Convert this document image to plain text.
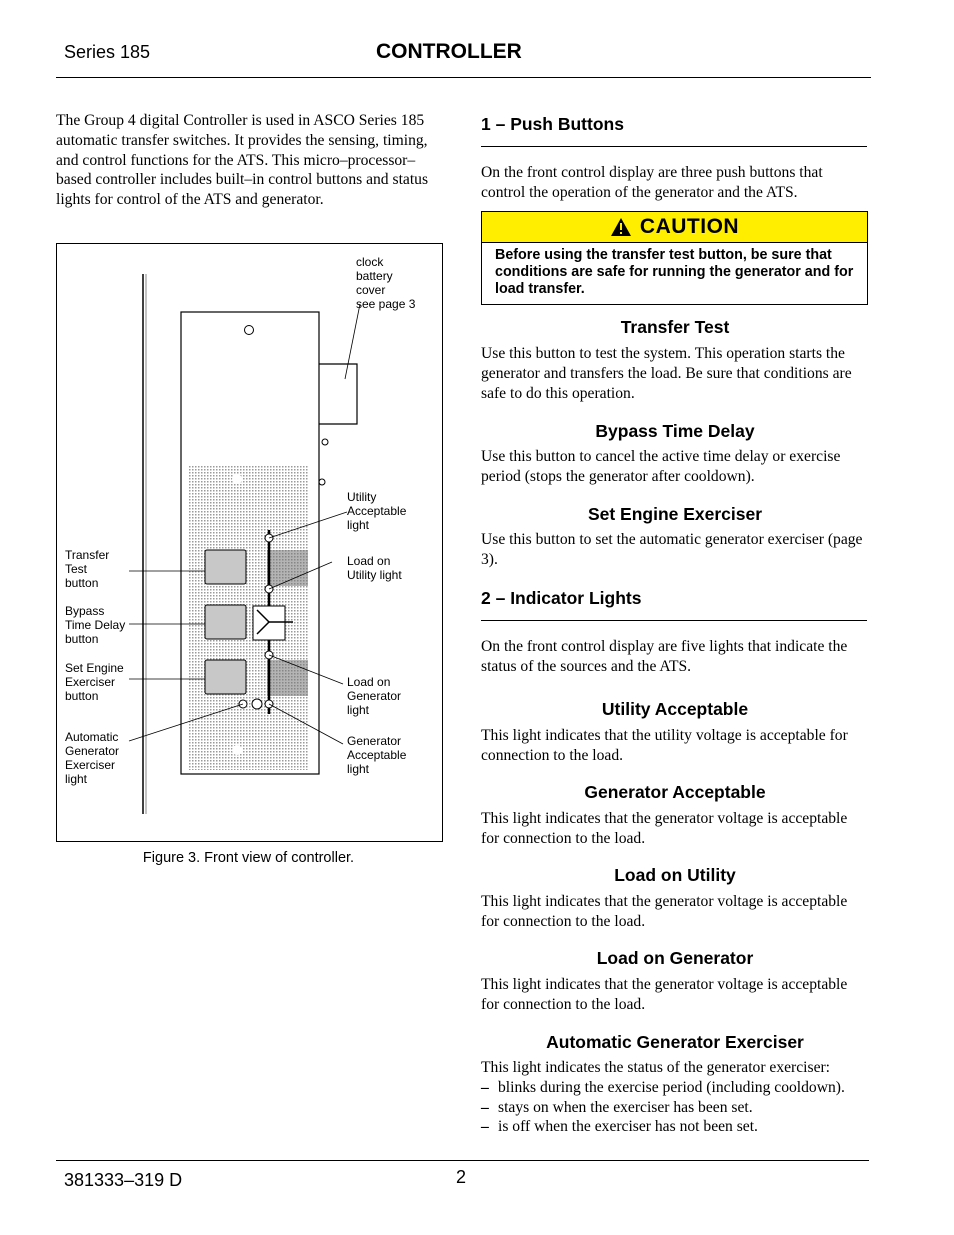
Series 185	CONTROLLER
The Group 4 digital Controller is used in ASCO Series 185 automatic transfer switches. It provides the sensing, timing, and control functions for the ATS. This micro–processor–based controller includes built–in control buttons and status lights for control of the ATS and generator.
clock
battery
cover
see page 3
Utility
Acceptable
light
Load on
Utility light
Load on
Generator
light
Generator
Acceptable
light
Transfer
Test
button
Bypass
Time Delay
button
Set Engine
Exerciser
button
Automatic
Generator
Exerciser
light
Figure 3. Front view of controller.
1 – Push Buttons
On the front control display are three push buttons that control the operation of the generator and the ATS.
CAUTION
Before using the transfer test button, be sure that conditions are safe for running the generator and for load transfer.
Transfer Test
Use this button to test the system. This operation starts the generator and transfers the load. Be sure that conditions are safe to do this operation.
Bypass Time Delay
Use this button to cancel the active time delay or exercise period (stops the generator after cooldown).
Set Engine Exerciser
Use this button to set the automatic generator exerciser (page 3).
2 – Indicator Lights
On the front control display are five lights that indicate the status of the sources and the ATS.
Utility Acceptable
This light indicates that the utility voltage is acceptable for connection to the load.
Generator Acceptable
This light indicates that the generator voltage is acceptable for connection to the load.
Load on Utility
This light indicates that the generator voltage is acceptable for connection to the load.
Load on Generator
This light indicates that the generator voltage is acceptable for connection to the load.
Automatic Generator Exerciser
This light indicates the status of the generator exerciser:
– blinks during the exercise period (including cooldown).
– stays on when the exerciser has been set.
– is off when the exerciser has not been set.
381333–319 D	2
